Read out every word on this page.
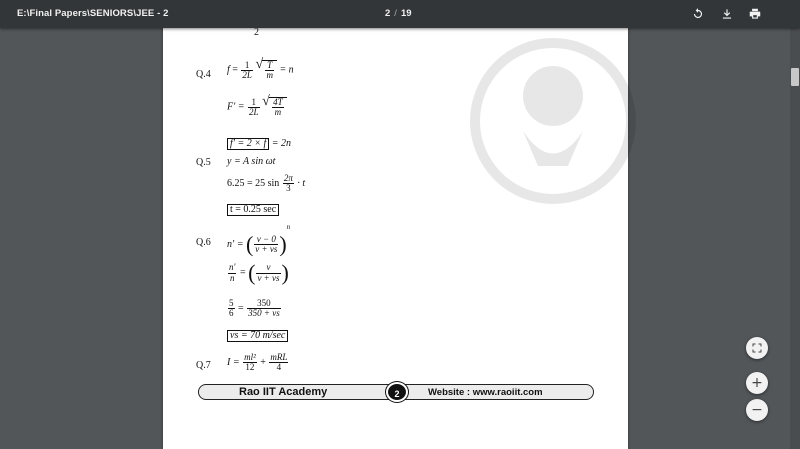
E:\Final Papers\SENIORS\JEE - 2	2 / 19
2
Q.4 $f = \frac{1}{2L}$
√ $\frac{T}{m} = n$
$F' = \frac{1}{2L}$
√ $\frac{4T}{m}$
f′ = 2 × f = 2n
Q.5 y = A sin ωt
6.25 = 25 $\sin \frac{2\pi}{3} \cdot t$
t = 0.25 sec
Q.6 n′ = ( $\frac{v - 0}{v + vs} )^n$
$\frac{n'}{n}$ = ( $\frac{v}{v + vs}$ )
$\frac{5}{6} = \frac{350}{350 + vs}$
vs = 70 m/sec
Q.7 $I = \frac{\text{ml²}}{12} + \frac{\text{mRL}}{4}$
Rao IIT Academy	2	Website : www.raoiit.com
+
−
